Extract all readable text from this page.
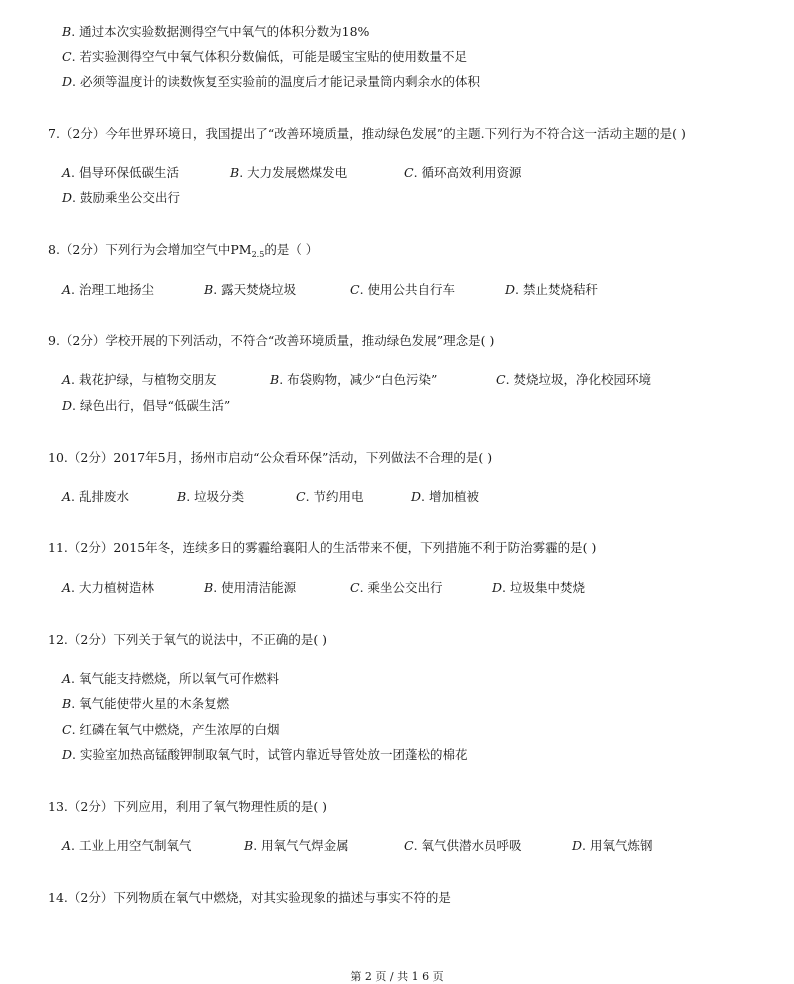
B . 通过本次实验数据测得空气中氧气的体积分数为18%
C . 若实验测得空气中氧气体积分数偏低，可能是暖宝宝贴的使用数量不足
D . 必须等温度计的读数恢复至实验前的温度后才能记录量筒内剩余水的体积
7.（2分）今年世界环境日，我国提出了“改善环境质量，推动绿色发展”的主题.下列行为不符合这一活动主题的是( )
A . 倡导环保低碳生活	B . 大力发展燃煤发电	C . 循环高效利用资源
D . 鼓励乘坐公交出行
8.（2分）下列行为会增加空气中$PM_{2.5}$的是（ ）
A . 治理工地扬尘	B . 露天焚烧垃圾	C . 使用公共自行车	D . 禁止焚烧秸秆
9.（2分）学校开展的下列活动，不符合“改善环境质量，推动绿色发展”理念是( )
A . 栽花护绿，与植物交朋友	B . 布袋购物，减少“白色污染”	C . 焚烧垃圾，净化校园环境
D . 绿色出行，倡导“低碳生活”
10.（2分）2017年5月，扬州市启动“公众看环保”活动，下列做法不合理的是( )
A . 乱排废水	B . 垃圾分类	C . 节约用电	D . 增加植被
11.（2分）2015年冬，连续多日的雾霾给襄阳人的生活带来不便，下列措施不利于防治雾霾的是( )
A . 大力植树造林	B . 使用清洁能源	C . 乘坐公交出行	D . 垃圾集中焚烧
12.（2分）下列关于氧气的说法中，不正确的是( )
A . 氧气能支持燃烧，所以氧气可作燃料
B . 氧气能使带火星的木条复燃
C . 红磷在氧气中燃烧，产生浓厚的白烟
D . 实验室加热高锰酸钾制取氧气时，试管内靠近导管处放一团蓬松的棉花
13.（2分）下列应用，利用了氧气物理性质的是( )
A . 工业上用空气制氧气	B . 用氧气气焊金属	C . 氧气供潜水员呼吸	D . 用氧气炼钢
14.（2分）下列物质在氧气中燃烧，对其实验现象的描述与事实不符的是
第 2 页 / 共 1 6 页
